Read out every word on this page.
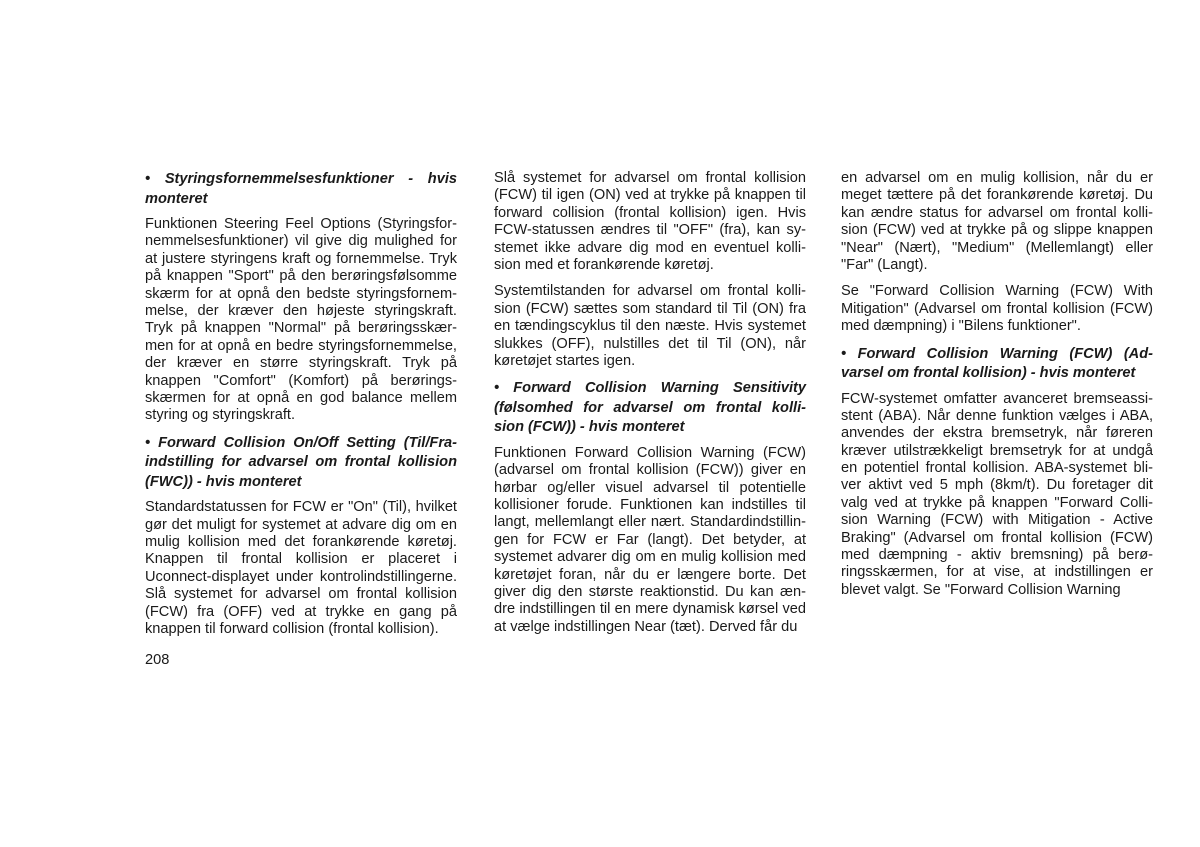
• Styringsfornemmelsesfunktioner - hvis
monteret
Funktionen Steering Feel Options (Styringsfor-
nemmelsesfunktioner) vil give dig mulighed for
at justere styringens kraft og fornemmelse. Tryk
på knappen "Sport" på den berøringsfølsomme
skærm for at opnå den bedste styringsfornem-
melse, der kræver den højeste styringskraft.
Tryk på knappen "Normal" på berøringsskær-
men for at opnå en bedre styringsfornemmelse,
der kræver en større styringskraft. Tryk på
knappen "Comfort" (Komfort) på berørings-
skærmen for at opnå en god balance mellem
styring og styringskraft.
• Forward Collision On/Off Setting (Til/Fra-
indstilling for advarsel om frontal kollision
(FWC)) - hvis monteret
Standardstatussen for FCW er "On" (Til), hvilket
gør det muligt for systemet at advare dig om en
mulig kollision med det forankørende køretøj.
Knappen til frontal kollision er placeret i
Uconnect-displayet under kontrolindstillingerne.
Slå systemet for advarsel om frontal kollision
(FCW) fra (OFF) ved at trykke en gang på
knappen til forward collision (frontal kollision).
Slå systemet for advarsel om frontal kollision
(FCW) til igen (ON) ved at trykke på knappen til
forward collision (frontal kollision) igen. Hvis
FCW-statussen ændres til "OFF" (fra), kan sy-
stemet ikke advare dig mod en eventuel kolli-
sion med et forankørende køretøj.
Systemtilstanden for advarsel om frontal kolli-
sion (FCW) sættes som standard til Til (ON) fra
en tændingscyklus til den næste. Hvis systemet
slukkes (OFF), nulstilles det til Til (ON), når
køretøjet startes igen.
• Forward Collision Warning Sensitivity
(følsomhed for advarsel om frontal kolli-
sion (FCW)) - hvis monteret
Funktionen Forward Collision Warning (FCW)
(advarsel om frontal kollision (FCW)) giver en
hørbar og/eller visuel advarsel til potentielle
kollisioner forude. Funktionen kan indstilles til
langt, mellemlangt eller nært. Standardindstillin-
gen for FCW er Far (langt). Det betyder, at
systemet advarer dig om en mulig kollision med
køretøjet foran, når du er længere borte. Det
giver dig den største reaktionstid. Du kan æn-
dre indstillingen til en mere dynamisk kørsel ved
at vælge indstillingen Near (tæt). Derved får du
en advarsel om en mulig kollision, når du er
meget tættere på det forankørende køretøj. Du
kan ændre status for advarsel om frontal kolli-
sion (FCW) ved at trykke på og slippe knappen
"Near" (Nært), "Medium" (Mellemlangt) eller
"Far" (Langt).
Se "Forward Collision Warning (FCW) With
Mitigation" (Advarsel om frontal kollision (FCW)
med dæmpning) i "Bilens funktioner".
• Forward Collision Warning (FCW) (Ad-
varsel om frontal kollision) - hvis monteret
FCW-systemet omfatter avanceret bremseassi-
stent (ABA). Når denne funktion vælges i ABA,
anvendes der ekstra bremsetryk, når føreren
kræver utilstrækkeligt bremsetryk for at undgå
en potentiel frontal kollision. ABA-systemet bli-
ver aktivt ved 5 mph (8km/t). Du foretager dit
valg ved at trykke på knappen "Forward Colli-
sion Warning (FCW) with Mitigation - Active
Braking" (Advarsel om frontal kollision (FCW)
med dæmpning - aktiv bremsning) på berø-
ringsskærmen, for at vise, at indstillingen er
blevet valgt. Se "Forward Collision Warning
208
